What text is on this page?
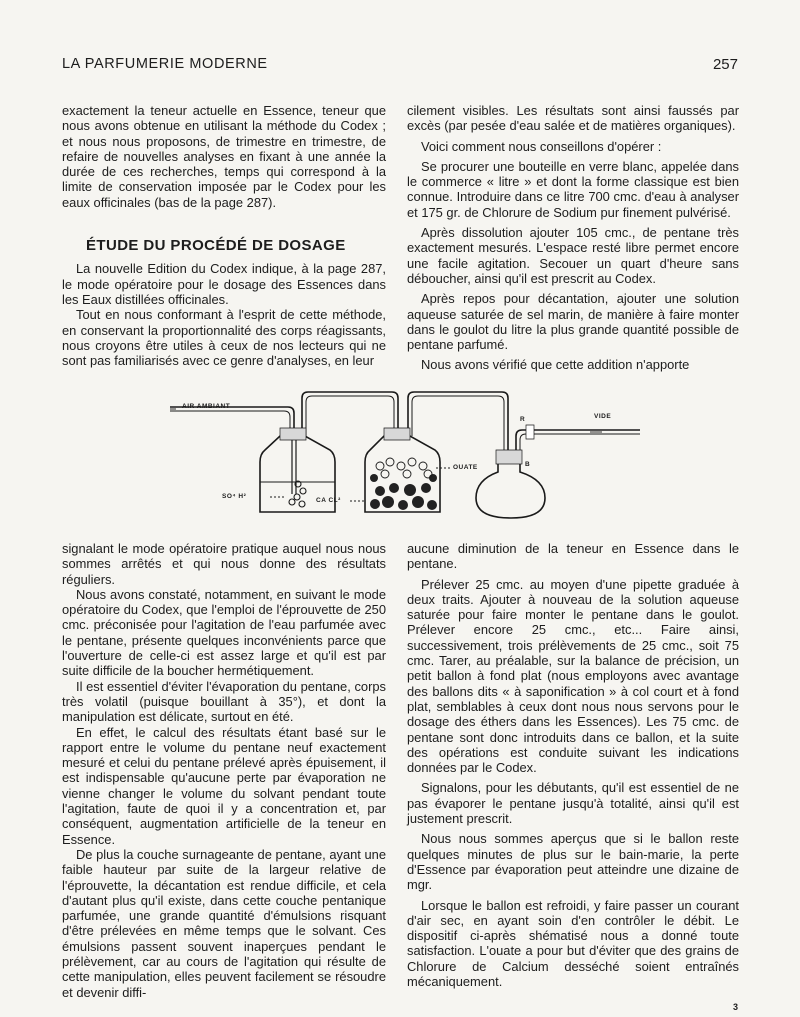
LA PARFUMERIE MODERNE	257

exactement la teneur actuelle en Essence, teneur que nous avons obtenue en utilisant la méthode du Codex ; et nous nous proposons, de trimestre en trimestre, de refaire de nouvelles analyses en fixant à une année la durée de ces recherches, temps qui correspond à la limite de conservation imposée par le Codex pour les eaux officinales (bas de la page 287).

ÉTUDE DU PROCÉDÉ DE DOSAGE

La nouvelle Edition du Codex indique, à la page 287, le mode opératoire pour le dosage des Essences dans les Eaux distillées officinales.

Tout en nous conformant à l'esprit de cette méthode, en conservant la proportionnalité des corps réagissants, nous croyons être utiles à ceux de nos lecteurs qui ne sont pas familiarisés avec ce genre d'analyses, en leur

cilement visibles. Les résultats sont ainsi faussés par excès (par pesée d'eau salée et de matières organiques).

Voici comment nous conseillons d'opérer :

Se procurer une bouteille en verre blanc, appelée dans le commerce « litre » et dont la forme classique est bien connue. Introduire dans ce litre 700 cmc. d'eau à analyser et 175 gr. de Chlorure de Sodium pur finement pulvérisé.

Après dissolution ajouter 105 cmc., de pentane très exactement mesurés. L'espace resté libre permet encore une facile agitation. Secouer un quart d'heure sans déboucher, ainsi qu'il est prescrit au Codex.

Après repos pour décantation, ajouter une solution aqueuse saturée de sel marin, de manière à faire monter dans le goulot du litre la plus grande quantité possible de pentane parfumé.

Nous avons vérifié que cette addition n'apporte

AIR AMBIANT
VIDE
OUATE
SO⁴ H²
CA CL²
R
B

signalant le mode opératoire pratique auquel nous nous sommes arrêtés et qui nous donne des résultats réguliers.

Nous avons constaté, notamment, en suivant le mode opératoire du Codex, que l'emploi de l'éprouvette de 250 cmc. préconisée pour l'agitation de l'eau parfumée avec le pentane, présente quelques inconvénients parce que l'ouverture de celle-ci est assez large et qu'il est par suite difficile de la boucher hermétiquement.

Il est essentiel d'éviter l'évaporation du pentane, corps très volatil (puisque bouillant à 35°), et dont la manipulation est délicate, surtout en été.

En effet, le calcul des résultats étant basé sur le rapport entre le volume du pentane neuf exactement mesuré et celui du pentane prélevé après épuisement, il est indispensable qu'aucune perte par évaporation ne vienne changer le volume du solvant pendant toute l'agitation, faute de quoi il y a concentration et, par conséquent, augmentation artificielle de la teneur en Essence.

De plus la couche surnageante de pentane, ayant une faible hauteur par suite de la largeur relative de l'éprouvette, la décantation est rendue difficile, et cela d'autant plus qu'il existe, dans cette couche pentanique parfumée, une grande quantité d'émulsions risquant d'être prélevées en même temps que le solvant. Ces émulsions passent souvent inaperçues pendant le prélèvement, car au cours de l'agitation qui résulte de cette manipulation, elles peuvent facilement se résoudre et devenir diffi-

aucune diminution de la teneur en Essence dans le pentane.

Prélever 25 cmc. au moyen d'une pipette graduée à deux traits. Ajouter à nouveau de la solution aqueuse saturée pour faire monter le pentane dans le goulot. Prélever encore 25 cmc., etc... Faire ainsi, successivement, trois prélèvements de 25 cmc., soit 75 cmc. Tarer, au préalable, sur la balance de précision, un petit ballon à fond plat (nous employons avec avantage des ballons dits « à saponification » à col court et à fond plat, semblables à ceux dont nous nous servons pour le dosage des éthers dans les Essences). Les 75 cmc. de pentane sont donc introduits dans ce ballon, et la suite des opérations est conduite suivant les indications données par le Codex.

Signalons, pour les débutants, qu'il est essentiel de ne pas évaporer le pentane jusqu'à totalité, ainsi qu'il est justement prescrit.

Nous nous sommes aperçus que si le ballon reste quelques minutes de plus sur le bain-marie, la perte d'Essence par évaporation peut atteindre une dizaine de mgr.

Lorsque le ballon est refroidi, y faire passer un courant d'air sec, en ayant soin d'en contrôler le débit. Le dispositif ci-après shématisé nous a donné toute satisfaction. L'ouate a pour but d'éviter que des grains de Chlorure de Calcium desséché soient entraînés mécaniquement.

3
